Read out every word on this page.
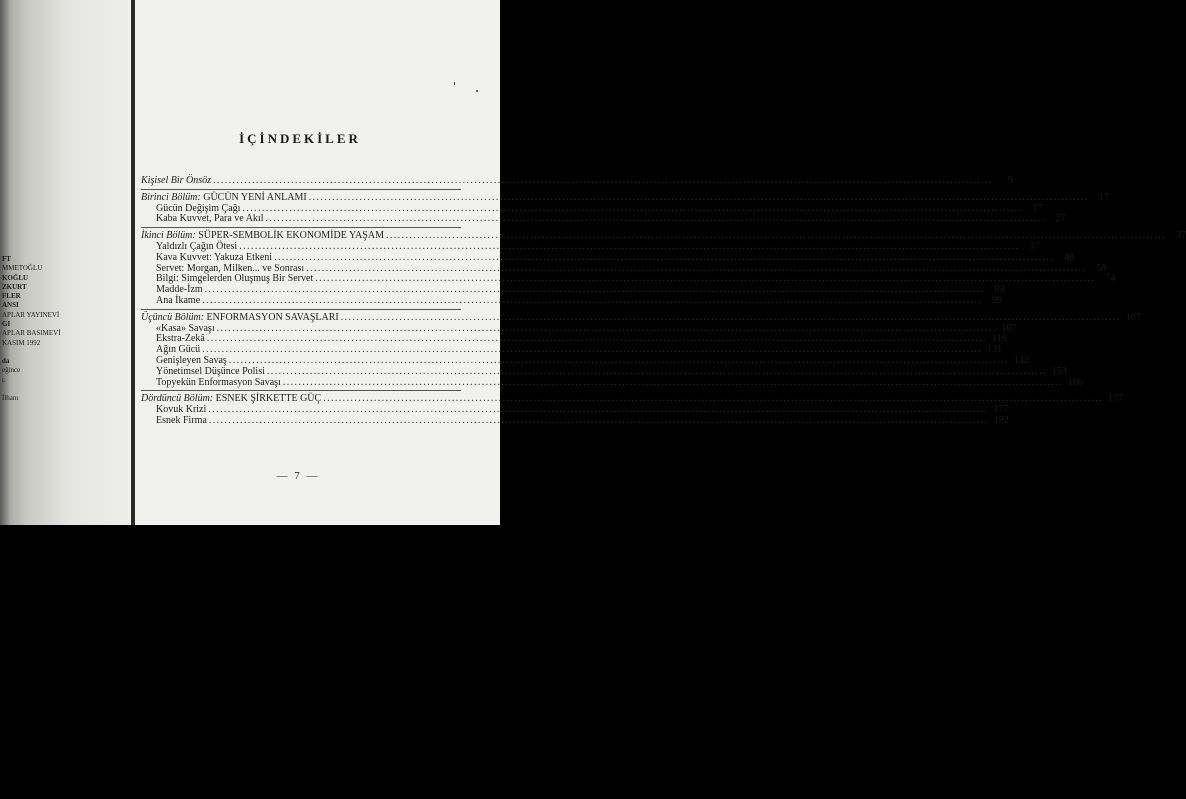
FT
MMETOĞLU
KOĞLU
ZKURT
FLER
ANSI
APLAR YAYINEVİ
GI
APLAR BASIMEVİ
KASIM 1992
da
eğince
r.
İlhanı
İÇİNDEKİLER
Kişisel Bir Önsöz ........................................................................................................................................................................................................	9
Birinci Bölüm: GÜCÜN YENİ ANLAMI ........................................................................................................................................................................................................	17
Gücün Değişim Çağı ........................................................................................................................................................................................................	17
Kaba Kuvvet, Para ve Akıl ........................................................................................................................................................................................................	27
İkinci Bölüm: SÜPER-SEMBOLİK EKONOMİDE YAŞAM ........................................................................................................................................................................................................	37
Yaldızlı Çağın Ötesi ........................................................................................................................................................................................................	37
Kava Kuvvet: Yakuza Etkeni ........................................................................................................................................................................................................	48
Servet: Morgan, Milken... ve Sonrası ........................................................................................................................................................................................................	58
Bilgi: Simgelerden Oluşmuş Bir Servet ........................................................................................................................................................................................................	74
Madde-İzm ........................................................................................................................................................................................................	83
Ana İkame ........................................................................................................................................................................................................	99
Üçüncü Bölüm: ENFORMASYON SAVAŞLARI ........................................................................................................................................................................................................ 107
«Kasa» Savaşı ........................................................................................................................................................................................................ 107
Ekstra-Zekâ ........................................................................................................................................................................................................ 119
Ağın Gücü ........................................................................................................................................................................................................ 131
Genişleyen Savaş ........................................................................................................................................................................................................ 142
Yönetimsel Düşünce Polisi ........................................................................................................................................................................................................ 153
Topyekün Enformasyon Savaşı ........................................................................................................................................................................................................ 166
Dördüncü Bölüm: ESNEK ŞİRKETTE GÜÇ ........................................................................................................................................................................................................ 177
Kovuk Krizi ........................................................................................................................................................................................................ 177
Esnek Firma ........................................................................................................................................................................................................ 192
— 7 —
